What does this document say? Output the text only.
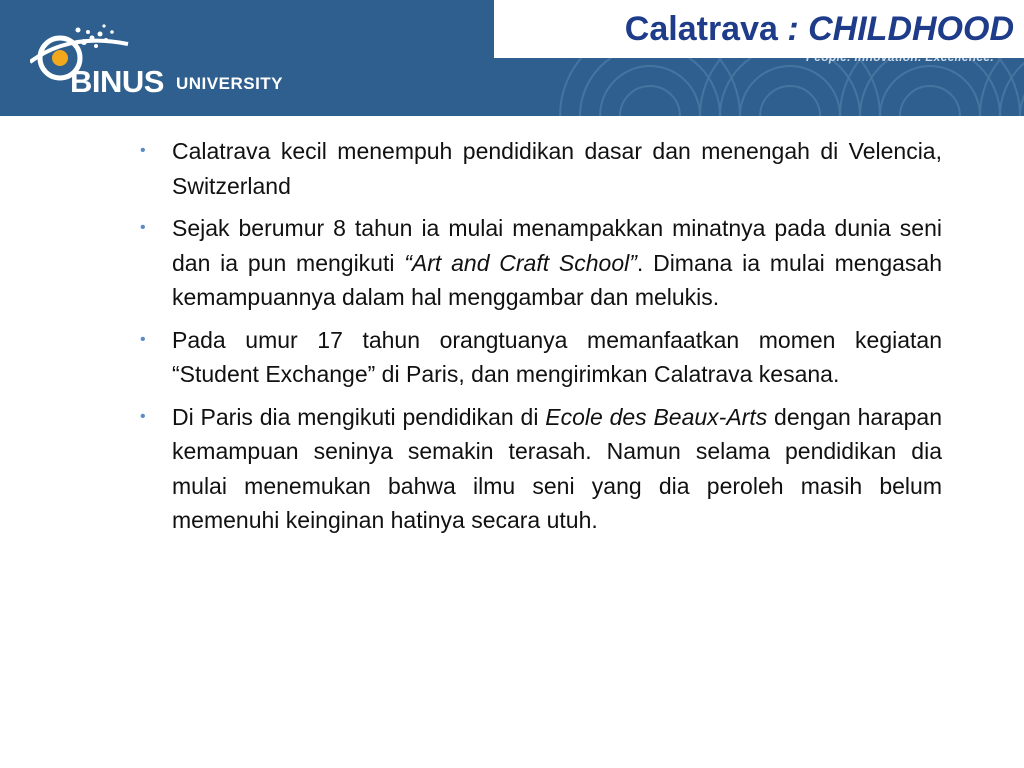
BINUS UNIVERSITY
Calatrava : CHILDHOOD
• Calatrava kecil menempuh pendidikan dasar dan menengah di Velencia, Switzerland
• Sejak berumur 8 tahun ia mulai menampakkan minatnya pada dunia seni dan ia pun mengikuti “Art and Craft School”. Dimana ia mulai mengasah kemampuannya dalam hal menggambar dan melukis.
• Pada umur 17 tahun orangtuanya memanfaatkan momen kegiatan “Student Exchange” di Paris, dan mengirimkan Calatrava kesana.
• Di Paris dia mengikuti pendidikan di Ecole des Beaux-Arts dengan harapan kemampuan seninya semakin terasah. Namun selama pendidikan dia mulai menemukan bahwa ilmu seni yang dia peroleh masih belum memenuhi keinginan hatinya secara utuh.
